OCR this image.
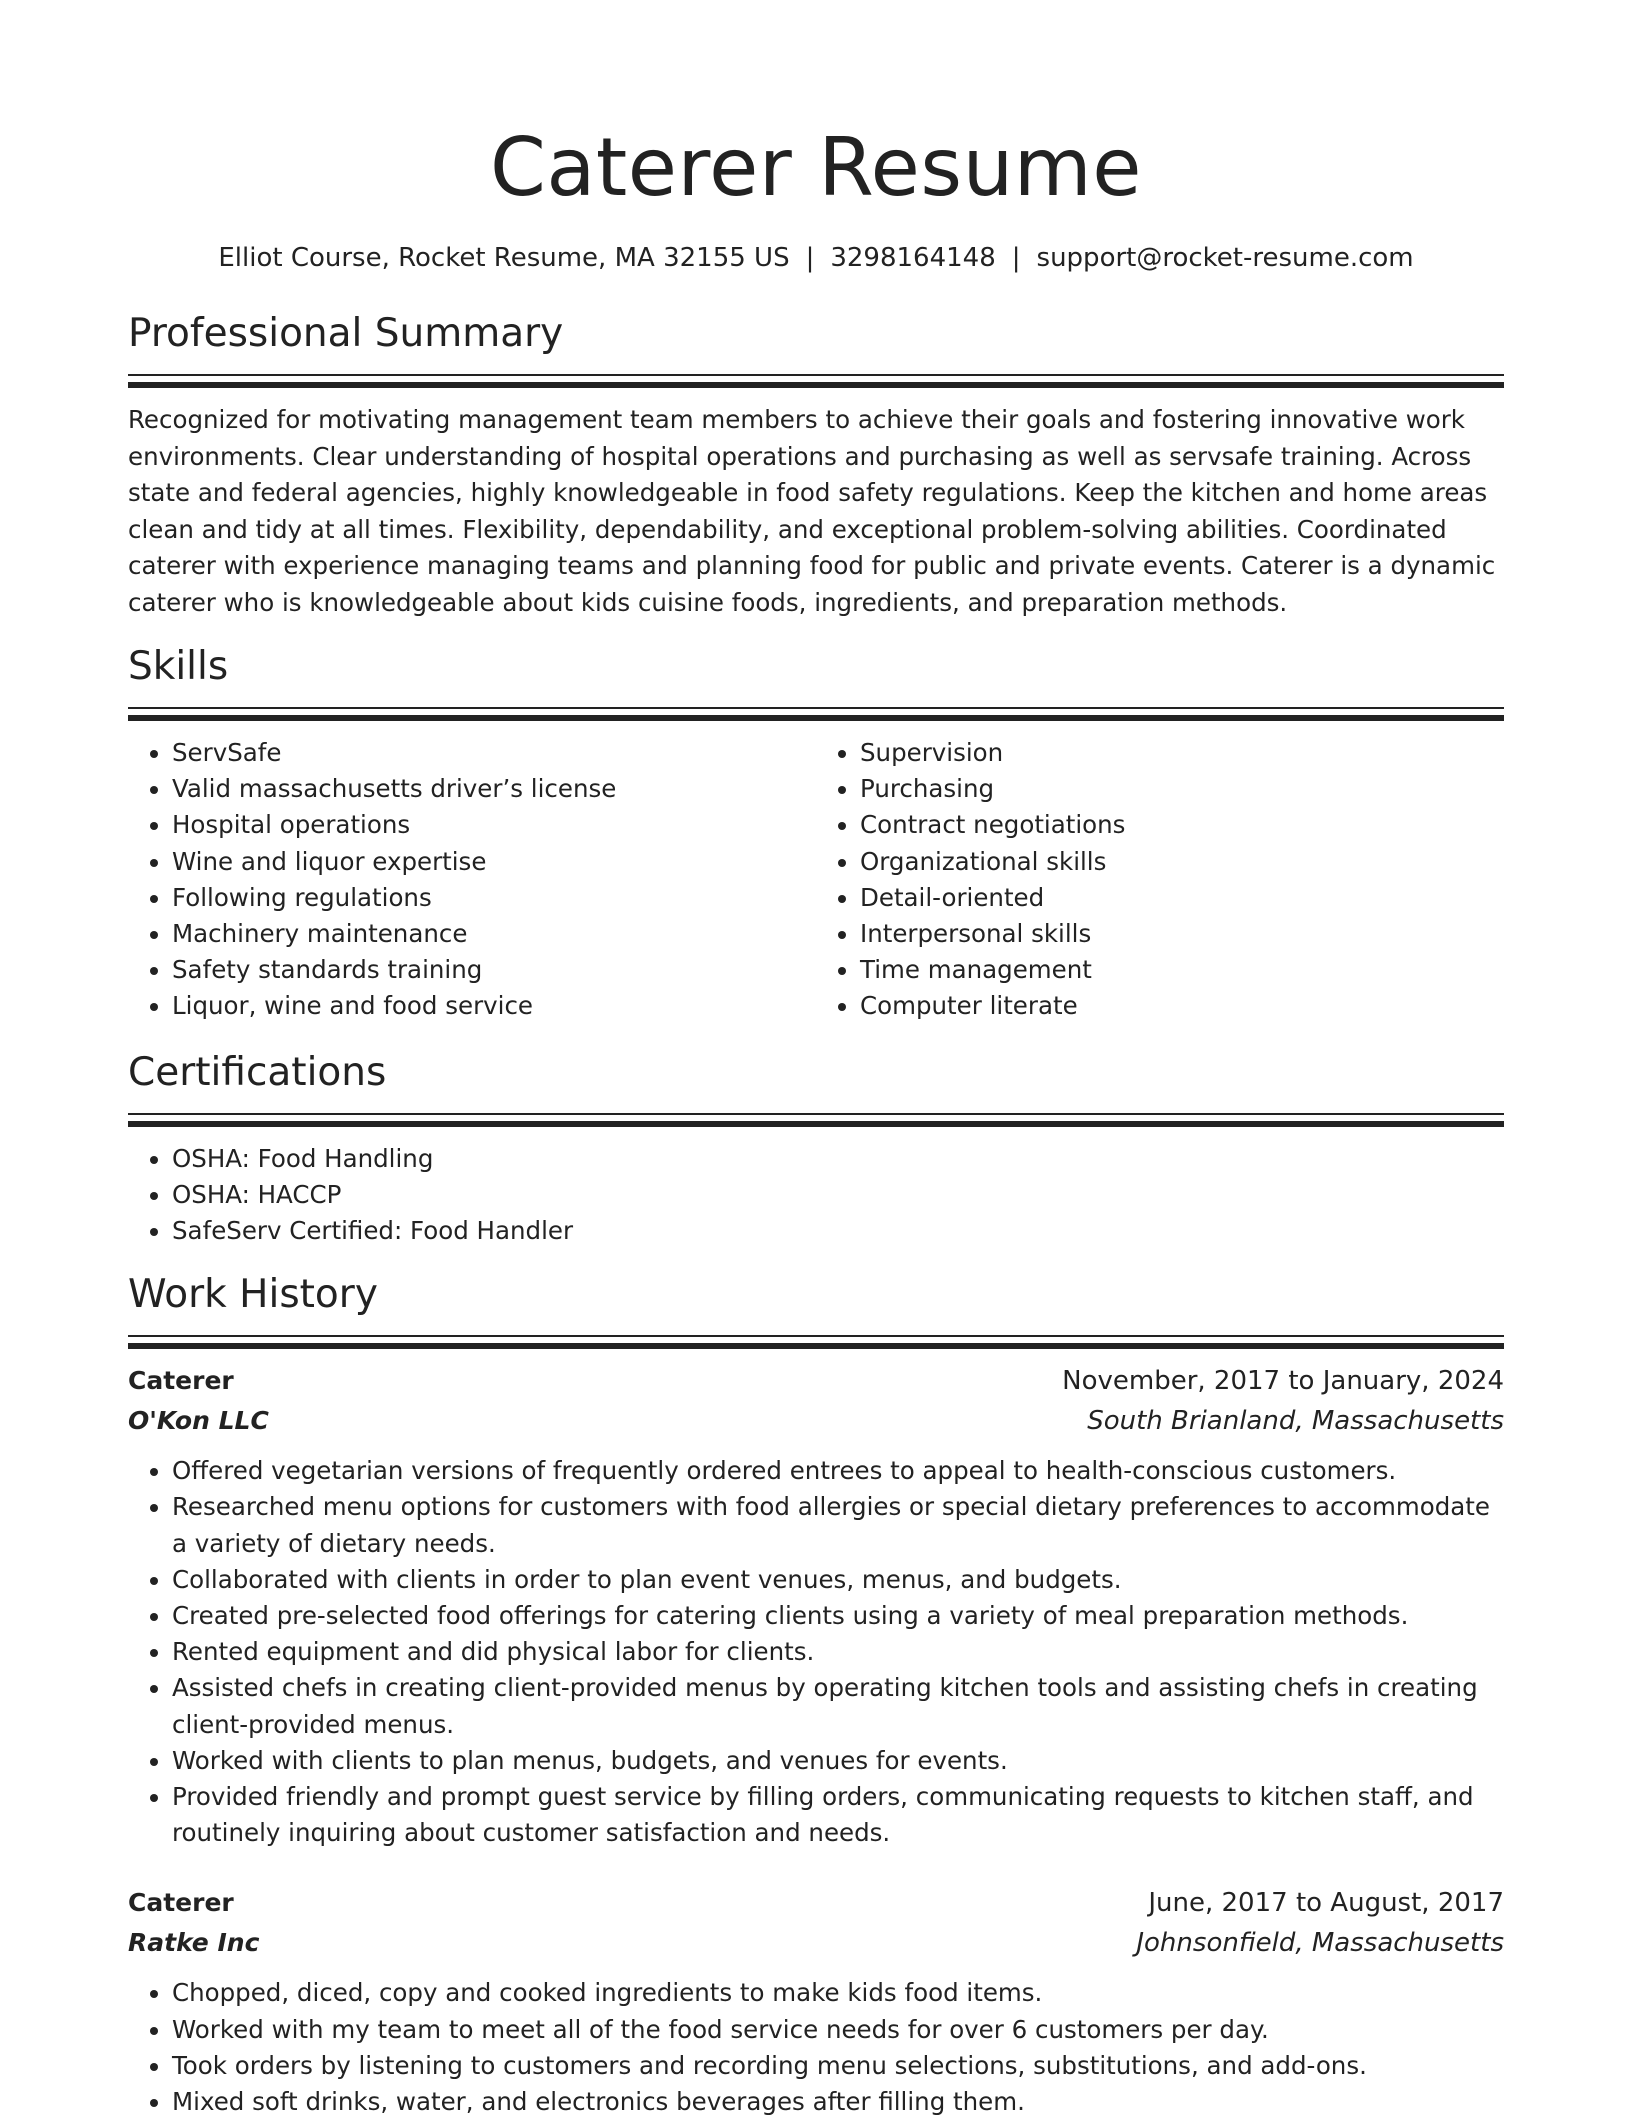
Caterer Resume
Elliot Course, Rocket Resume, MA 32155 US | 3298164148 | support@rocket-resume.com
Professional Summary

Recognized for motivating management team members to achieve their goals and fostering innovative work environments. Clear understanding of hospital operations and purchasing as well as servsafe training. Across state and federal agencies, highly knowledgeable in food safety regulations. Keep the kitchen and home areas clean and tidy at all times. Flexibility, dependability, and exceptional problem-solving abilities. Coordinated caterer with experience managing teams and planning food for public and private events. Caterer is a dynamic caterer who is knowledgeable about kids cuisine foods, ingredients, and preparation methods.

Skills
• ServSafe
• Valid massachusetts driver’s license
• Hospital operations
• Wine and liquor expertise
• Following regulations
• Machinery maintenance
• Safety standards training
• Liquor, wine and food service
• Supervision
• Purchasing
• Contract negotiations
• Organizational skills
• Detail-oriented
• Interpersonal skills
• Time management
• Computer literate
Certifications
• OSHA: Food Handling
• OSHA: HACCP
• SafeServ Certified: Food Handler
Work History
Caterer	November, 2017 to January, 2024
O'Kon LLC	South Brianland, Massachusetts
• Offered vegetarian versions of frequently ordered entrees to appeal to health-conscious customers.
• Researched menu options for customers with food allergies or special dietary preferences to accommodate a variety of dietary needs.
• Collaborated with clients in order to plan event venues, menus, and budgets.
• Created pre-selected food offerings for catering clients using a variety of meal preparation methods.
• Rented equipment and did physical labor for clients.
• Assisted chefs in creating client-provided menus by operating kitchen tools and assisting chefs in creating client-provided menus.
• Worked with clients to plan menus, budgets, and venues for events.
• Provided friendly and prompt guest service by filling orders, communicating requests to kitchen staff, and routinely inquiring about customer satisfaction and needs.
Caterer	June, 2017 to August, 2017
Ratke Inc	Johnsonfield, Massachusetts
• Chopped, diced, copy and cooked ingredients to make kids food items.
• Worked with my team to meet all of the food service needs for over 6 customers per day.
• Took orders by listening to customers and recording menu selections, substitutions, and add-ons.
• Mixed soft drinks, water, and electronics beverages after filling them.
